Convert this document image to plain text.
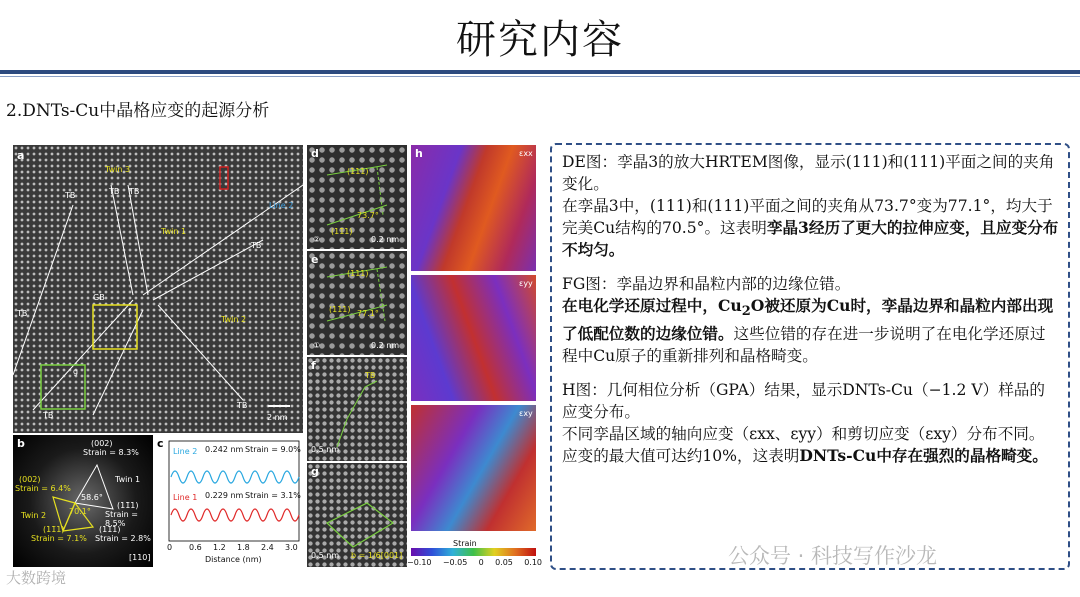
研究内容
2.DNTs-Cu中晶格应变的起源分析
a
Twin 3
Twin 1
Twin 2
TB	TB TB
TB
TB
TB
TB
GB
Line 2
f
g
2 nm
b	(002)
Strain = 8.3%
(002)
Strain = 6.4%
Twin 1
Twin 2
58.6°
70.1°
(11̄1)
Strain = 8.5%
(11̄1)
Strain = 7.1%
(11̄1)
Strain = 2.8%
[110]
c
Line 2 0.242 nm Strain = 9.0%
Line 1 0.229 nm Strain = 3.1%
0 0.6 1.2 1.8 2.4 3.0
Distance (nm)
d
(111)
(11̄1)
73.7°
②	0.2 nm
e
(111)
(111) 77.1°
①	0.2 nm
f
TB
0.5 nm
g
0.5 nm b = 1/6[001]
h	εxx
εyy
εxy
Strain
−0.10 −0.05 0 0.05 0.10

DE图：孪晶3的放大HRTEM图像，显示(111)和(111)平面之间的夹角变化。

在孪晶3中，(111)和(111)平面之间的夹角从73.7°变为77.1°，均大于完美Cu结构的70.5°。这表明孪晶3经历了更大的拉伸应变，且应变分布不均匀。

FG图：孪晶边界和晶粒内部的边缘位错。

在电化学还原过程中，$Cu_2O$被还原为Cu时，孪晶边界和晶粒内部出现了低配位数的边缘位错。这些位错的存在进一步说明了在电化学还原过程中Cu原子的重新排列和晶格畸变。

H图：几何相位分析（GPA）结果，显示DNTs-Cu（−1.2 V）样品的应变分布。

不同孪晶区域的轴向应变（εxx、εyy）和剪切应变（εxy）分布不同。应变的最大值可达约10%，这表明DNTs-Cu中存在强烈的晶格畸变。

大数跨境
公众号 · 科技写作沙龙
